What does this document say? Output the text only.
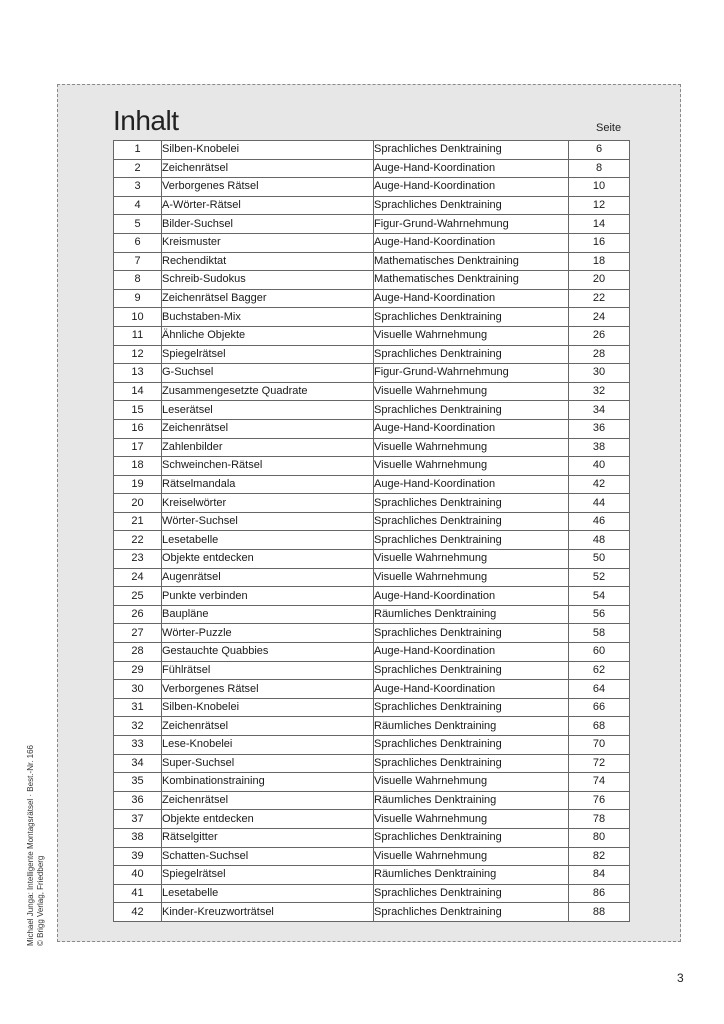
Inhalt	Seite
1	Silben-Knobelei	Sprachliches Denktraining	6
2	Zeichenrätsel	Auge-Hand-Koordination	8
3	Verborgenes Rätsel	Auge-Hand-Koordination	10
4	A-Wörter-Rätsel	Sprachliches Denktraining	12
5	Bilder-Suchsel	Figur-Grund-Wahrnehmung	14
6	Kreismuster	Auge-Hand-Koordination	16
7	Rechendiktat	Mathematisches Denktraining	18
8	Schreib-Sudokus	Mathematisches Denktraining	20
9	Zeichenrätsel Bagger	Auge-Hand-Koordination	22
10	Buchstaben-Mix	Sprachliches Denktraining	24
11	Ähnliche Objekte	Visuelle Wahrnehmung	26
12	Spiegelrätsel	Sprachliches Denktraining	28
13	G-Suchsel	Figur-Grund-Wahrnehmung	30
14	Zusammengesetzte Quadrate	Visuelle Wahrnehmung	32
15	Leserätsel	Sprachliches Denktraining	34
16	Zeichenrätsel	Auge-Hand-Koordination	36
17	Zahlenbilder	Visuelle Wahrnehmung	38
18	Schweinchen-Rätsel	Visuelle Wahrnehmung	40
19	Rätselmandala	Auge-Hand-Koordination	42
20	Kreiselwörter	Sprachliches Denktraining	44
21	Wörter-Suchsel	Sprachliches Denktraining	46
22	Lesetabelle	Sprachliches Denktraining	48
23	Objekte entdecken	Visuelle Wahrnehmung	50
24	Augenrätsel	Visuelle Wahrnehmung	52
25	Punkte verbinden	Auge-Hand-Koordination	54
26	Baupläne	Räumliches Denktraining	56
27	Wörter-Puzzle	Sprachliches Denktraining	58
28	Gestauchte Quabbies	Auge-Hand-Koordination	60
29	Fühlrätsel	Sprachliches Denktraining	62
30	Verborgenes Rätsel	Auge-Hand-Koordination	64
31	Silben-Knobelei	Sprachliches Denktraining	66
32	Zeichenrätsel	Räumliches Denktraining	68
33	Lese-Knobelei	Sprachliches Denktraining	70
34	Super-Suchsel	Sprachliches Denktraining	72
35	Kombinationstraining	Visuelle Wahrnehmung	74
36	Zeichenrätsel	Räumliches Denktraining	76
37	Objekte entdecken	Visuelle Wahrnehmung	78
38	Rätselgitter	Sprachliches Denktraining	80
39	Schatten-Suchsel	Visuelle Wahrnehmung	82
40	Spiegelrätsel	Räumliches Denktraining	84
41	Lesetabelle	Sprachliches Denktraining	86
42	Kinder-Kreuzworträtsel	Sprachliches Denktraining	88
Michael Junga: Intelligente Montagsrätsel · Best.-Nr. 166 © Brigg Verlag, Friedberg
3
